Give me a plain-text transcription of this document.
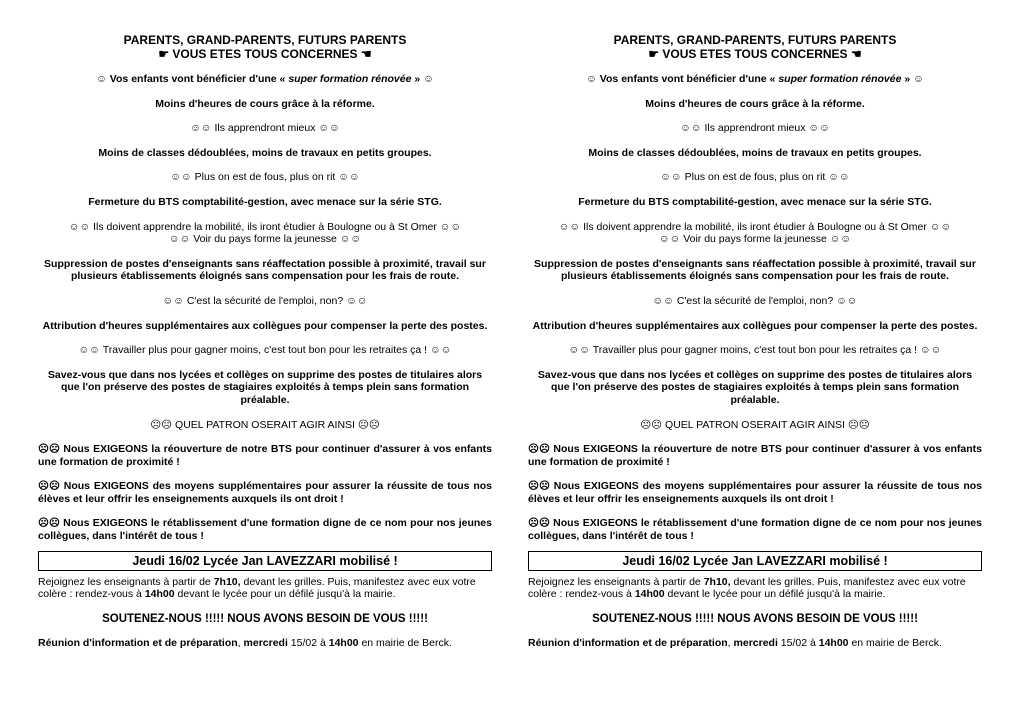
PARENTS, GRAND-PARENTS, FUTURS PARENTS
☛ VOUS ETES TOUS CONCERNES ☚
☺ Vos enfants vont bénéficier d'une « super formation rénovée » ☺
Moins d'heures de cours grâce à la réforme.
☺☺ Ils apprendront mieux ☺☺
Moins de classes dédoublées, moins de travaux en petits groupes.
☺☺ Plus on est de fous, plus on rit ☺☺
Fermeture du BTS comptabilité-gestion, avec menace sur la série STG.
☺☺ Ils doivent apprendre la mobilité, ils iront étudier à Boulogne ou à St Omer ☺☺
☺☺ Voir du pays forme la jeunesse ☺☺
Suppression de postes d'enseignants sans réaffectation possible à proximité, travail sur plusieurs établissements éloignés sans compensation pour les frais de route.
☺☺ C'est la sécurité de l'emploi, non? ☺☺
Attribution d'heures supplémentaires aux collègues pour compenser la perte des postes.
☺☺ Travailler plus pour gagner moins, c'est tout bon pour les retraites ça ! ☺☺
Savez-vous que dans nos lycées et collèges on supprime des postes de titulaires alors que l'on préserve des postes de stagiaires exploités à temps plein sans formation préalable.
☹☹ QUEL PATRON OSERAIT AGIR AINSI ☹☹
☹☹ Nous EXIGEONS la réouverture de notre BTS pour continuer d'assurer à vos enfants une formation de proximité !
☹☹ Nous EXIGEONS des moyens supplémentaires pour assurer la réussite de tous nos élèves et leur offrir les enseignements auxquels ils ont droit !
☹☹ Nous EXIGEONS le rétablissement d'une formation digne de ce nom pour nos jeunes collègues, dans l'intérêt de tous !
Jeudi 16/02 Lycée Jan LAVEZZARI mobilisé !
Rejoignez les enseignants à partir de 7h10, devant les grilles. Puis, manifestez avec eux votre colère : rendez-vous à 14h00 devant le lycée pour un défilé jusqu'à la mairie.
SOUTENEZ-NOUS !!!!! NOUS AVONS BESOIN DE VOUS !!!!!
Réunion d'information et de préparation, mercredi 15/02 à 14h00 en mairie de Berck.
PARENTS, GRAND-PARENTS, FUTURS PARENTS
☛ VOUS ETES TOUS CONCERNES ☚
☺ Vos enfants vont bénéficier d'une « super formation rénovée » ☺
Moins d'heures de cours grâce à la réforme.
☺☺ Ils apprendront mieux ☺☺
Moins de classes dédoublées, moins de travaux en petits groupes.
☺☺ Plus on est de fous, plus on rit ☺☺
Fermeture du BTS comptabilité-gestion, avec menace sur la série STG.
☺☺ Ils doivent apprendre la mobilité, ils iront étudier à Boulogne ou à St Omer ☺☺
☺☺ Voir du pays forme la jeunesse ☺☺
Suppression de postes d'enseignants sans réaffectation possible à proximité, travail sur plusieurs établissements éloignés sans compensation pour les frais de route.
☺☺ C'est la sécurité de l'emploi, non? ☺☺
Attribution d'heures supplémentaires aux collègues pour compenser la perte des postes.
☺☺ Travailler plus pour gagner moins, c'est tout bon pour les retraites ça ! ☺☺
Savez-vous que dans nos lycées et collèges on supprime des postes de titulaires alors que l'on préserve des postes de stagiaires exploités à temps plein sans formation préalable.
☹☹ QUEL PATRON OSERAIT AGIR AINSI ☹☹
☹☹ Nous EXIGEONS la réouverture de notre BTS pour continuer d'assurer à vos enfants une formation de proximité !
☹☹ Nous EXIGEONS des moyens supplémentaires pour assurer la réussite de tous nos élèves et leur offrir les enseignements auxquels ils ont droit !
☹☹ Nous EXIGEONS le rétablissement d'une formation digne de ce nom pour nos jeunes collègues, dans l'intérêt de tous !
Jeudi 16/02 Lycée Jan LAVEZZARI mobilisé !
Rejoignez les enseignants à partir de 7h10, devant les grilles. Puis, manifestez avec eux votre colère : rendez-vous à 14h00 devant le lycée pour un défilé jusqu'à la mairie.
SOUTENEZ-NOUS !!!!! NOUS AVONS BESOIN DE VOUS !!!!!
Réunion d'information et de préparation, mercredi 15/02 à 14h00 en mairie de Berck.
